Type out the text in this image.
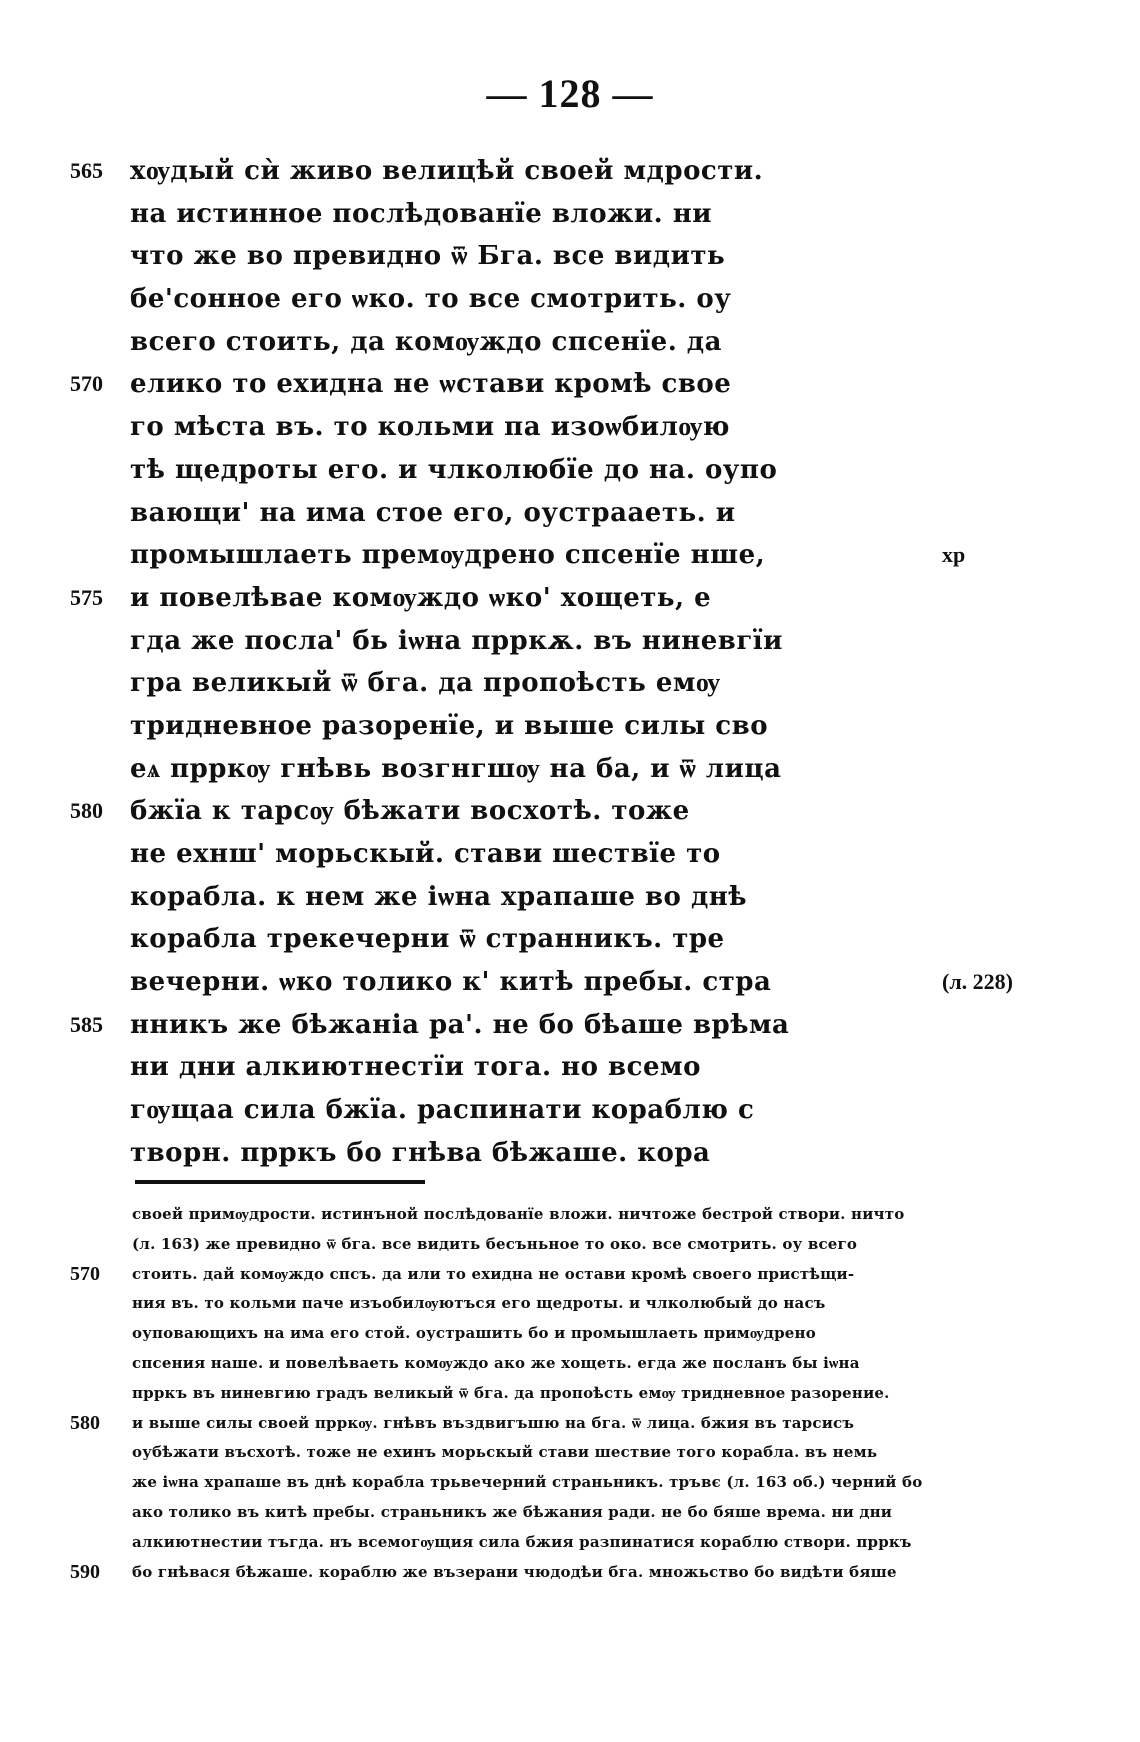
— 128 —
565	хѹдый сѝ живо велицѣй своей мдрости.
на истинное послѣдованїе вложи. ни
что же во превидно ѿ Бга. все видить
бе'сонное его ѡко. то все смотрить. оу
всего стоить, да комѹждо спсенїе. да
570	елико то ехидна не ѡстави кромѣ свое
го мѣста въ. то кольми па изоѡбилѹю
тѣ щедроты его. и члколюбїе до на. оупо
вающи' на има стое его, оустрааеть. и
промышлаеть премѹдрено спсенїе нше,	хр
575	и повелѣвае комѹждо ѡко' хощеть, е
гда же посла' бь іѡна прркѫ. въ ниневгїи
гра великый ѿ бга. да пропоѣсть емѹ
тридневное разоренїе, и выше силы сво
еѧ прркѹ гнѣвь возгнгшѹ на ба, и ѿ лица
580	бжїа к тарсѹ бѣжати восхотѣ. тоже
не ехнш' морьскый. стави шествїе то
корабла. к нем же іѡна храпаше во днѣ
корабла трекечерни ѿ странникъ. тре
вечерни. ѡко толико к' китѣ пребы. стра	(л. 228)
585	нникъ же бѣжаніа ра'. не бо бѣаше врѣма
ни дни алкиютнестїи тога. но всемо
гѹщаа сила бжїа. распинати кораблю с
творн. прркъ бо гнѣва бѣжаше. кора
своей примѹдрости. истинъной послѣдованїе вложи. ничтоже бестрой створи. ничто
(л. 163) же превидно ѿ бга. все видить бесъньное то око. все смотрить. оу всего
570	стоить. дай комѹждо спсъ. да или то ехидна не остави кромѣ своего пристѣщи-
ния въ. то кольми паче изъобилѹютъся его щедроты. и члколюбый до насъ
оуповающихъ на има его стой. оустрашить бо и промышлаеть примѹдрено
спсения наше. и повелѣваеть комѹждо ако же хощеть. егда же посланъ бы іѡна
прркъ въ ниневгию градъ великый ѿ бга. да пропоѣсть емѹ тридневное разорение.
580	и выше силы своей прркѹ. гнѣвъ въздвигъшю на бга. ѿ лица. бжия въ тарсисъ
оубѣжати въсхотѣ. тоже не ехинъ морьскый стави шествие того корабла. въ немь
же іѡна храпаше въ днѣ корабла трьвечерний страньникъ. тръвє (л. 163 об.) черний бо
ако толико въ китѣ пребы. страньникъ же бѣжания ради. не бо бяше врема. ни дни
алкиютнестии тъгда. нъ всемогѹщия сила бжия разпинатися кораблю створи. прркъ
590	бо гнѣвася бѣжаше. кораблю же възерани чюдодѣи бга. множьство бо видѣти бяше
